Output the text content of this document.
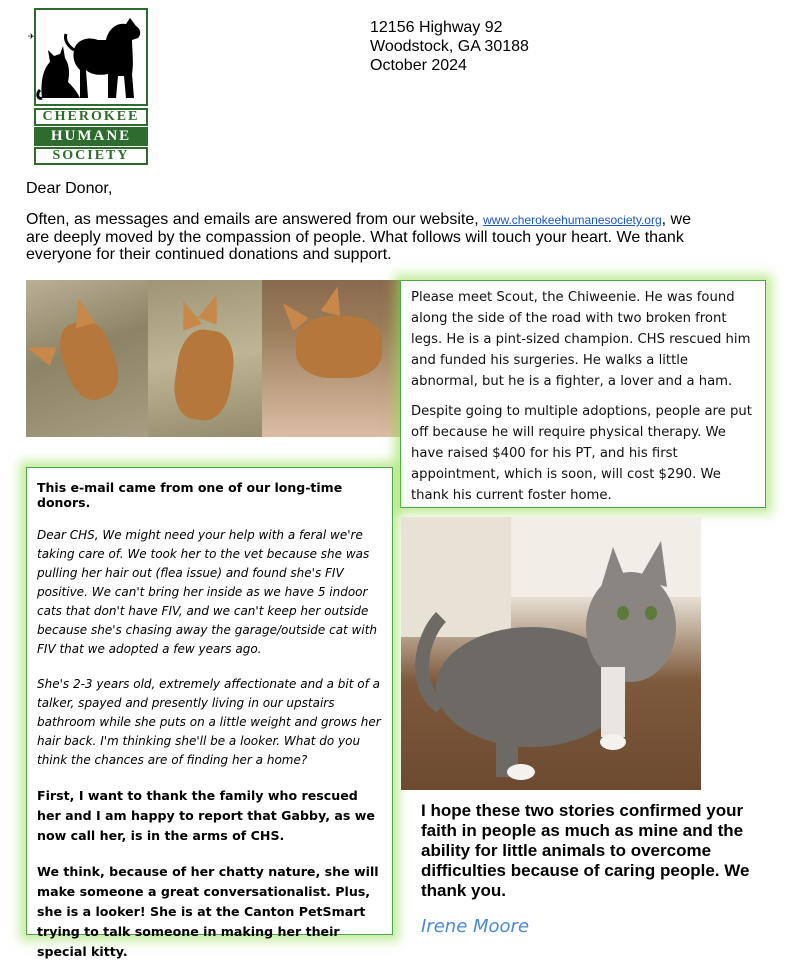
✈
CHEROKEE
HUMANE
SOCIETY
12156 Highway 92
Woodstock, GA 30188
October 2024
Dear Donor,
Often, as messages and emails are answered from our website, www.cherokeehumanesociety.org, we are deeply moved by the compassion of people. What follows will touch your heart. We thank everyone for their continued donations and support.

Please meet Scout, the Chiweenie. He was found along the side of the road with two broken front legs. He is a pint-sized champion. CHS rescued him and funded his surgeries. He walks a little abnormal, but he is a fighter, a lover and a ham.

Despite going to multiple adoptions, people are put off because he will require physical therapy. We have raised $400 for his PT, and his first appointment, which is soon, will cost $290. We thank his current foster home.

This e-mail came from one of our long-time donors.

Dear CHS, We might need your help with a feral we're taking care of. We took her to the vet because she was pulling her hair out (flea issue) and found she's FIV positive. We can't bring her inside as we have 5 indoor cats that don't have FIV, and we can't keep her outside because she's chasing away the garage/outside cat with FIV that we adopted a few years ago.

She's 2-3 years old, extremely affectionate and a bit of a talker, spayed and presently living in our upstairs bathroom while she puts on a little weight and grows her hair back. I'm thinking she'll be a looker. What do you think the chances are of finding her a home?

First, I want to thank the family who rescued her and I am happy to report that Gabby, as we now call her, is in the arms of CHS.

We think, because of her chatty nature, she will make someone a great conversationalist. Plus, she is a looker! She is at the Canton PetSmart trying to talk someone in making her their special kitty.

I hope these two stories confirmed your faith in people as much as mine and the ability for little animals to overcome difficulties because of caring people. We thank you.
Irene Moore
